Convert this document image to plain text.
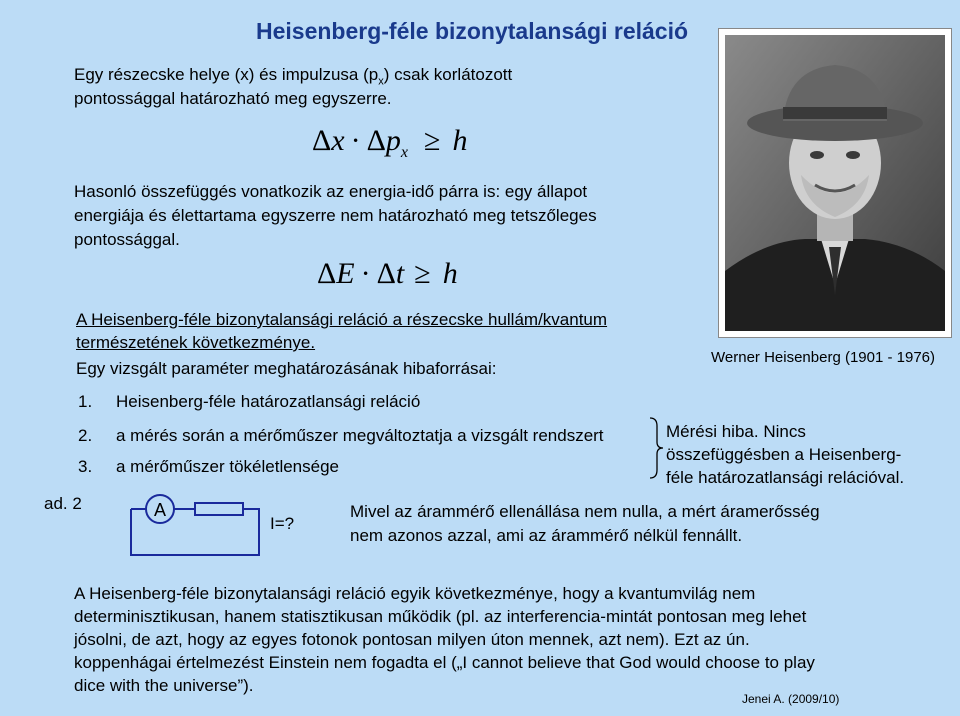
Heisenberg-féle bizonytalansági reláció
Egy részecske helye (x) és impulzusa $(p_x)$ csak korlátozott
pontossággal határozható meg egyszerre.
$\Delta x \cdot \Delta p_x \ge h$
Hasonló összefüggés vonatkozik az energia-idő párra is: egy állapot
energiája és élettartama egyszerre nem határozható meg tetszőleges
pontossággal.
ΔE · Δt ≥ h
A Heisenberg-féle bizonytalansági reláció a részecske hullám/kvantum
természetének következménye.
Egy vizsgált paraméter meghatározásának hibaforrásai:
1. Heisenberg-féle határozatlansági reláció
2. a mérés során a mérőműszer megváltoztatja a vizsgált rendszert
3. a mérőműszer tökéletlensége
Mérési hiba. Nincs
összefüggésben a Heisenberg-
féle határozatlansági relációval.
ad. 2	A
I=?
Mivel az árammérő ellenállása nem nulla, a mért áramerősség
nem azonos azzal, ami az árammérő nélkül fennállt.
Werner Heisenberg (1901 - 1976)
A Heisenberg-féle bizonytalansági reláció egyik következménye, hogy a kvantumvilág nem
determinisztikusan, hanem statisztikusan működik (pl. az interferencia-mintát pontosan meg lehet
jósolni, de azt, hogy az egyes fotonok pontosan milyen úton mennek, azt nem). Ezt az ún.
koppenhágai értelmezést Einstein nem fogadta el („I cannot believe that God would choose to play
dice with the universe”).
Jenei A. (2009/10)
